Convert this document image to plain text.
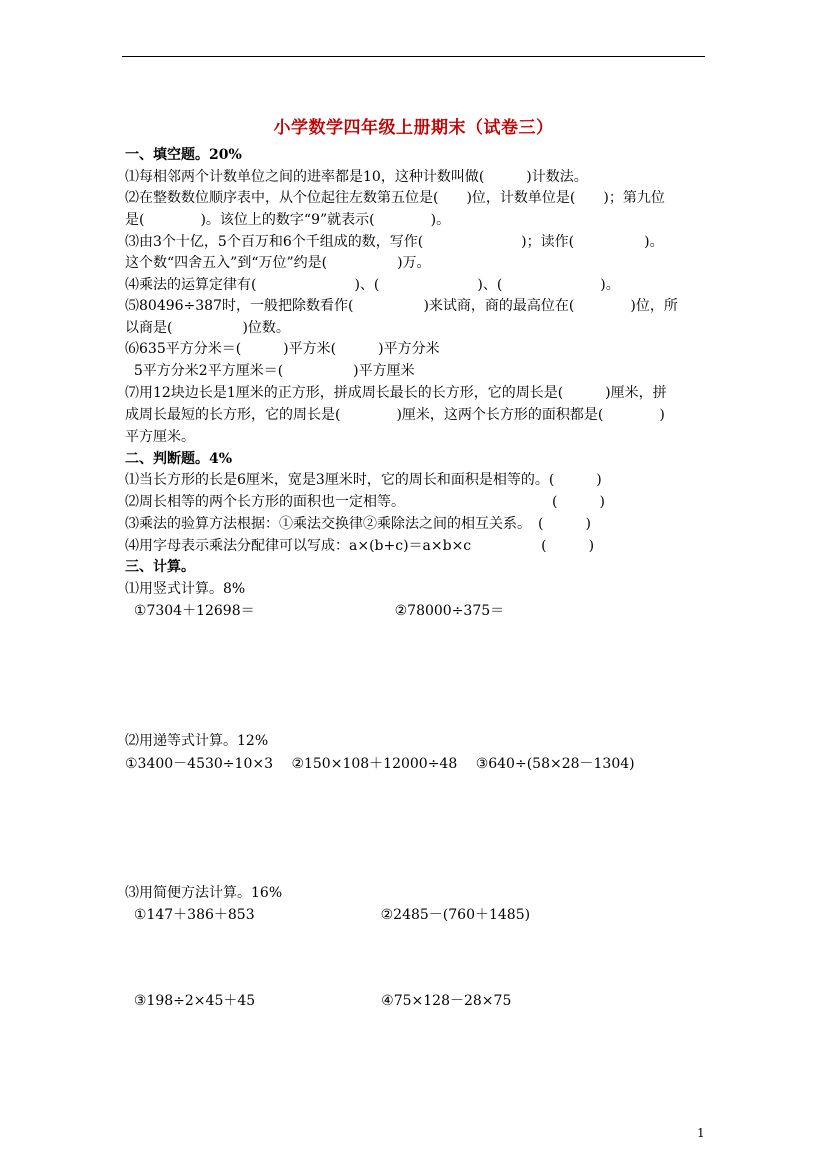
小学数学四年级上册期末（试卷三）
一、填空题。20%
⑴每相邻两个计数单位之间的进率都是10，这种计数叫做(　　　)计数法。
⑵在整数数位顺序表中，从个位起往左数第五位是(　　)位，计数单位是(　　)；第九位
是(　　　　)。该位上的数字“9”就表示(　　　　)。
⑶由3个十亿，5个百万和6个千组成的数，写作(　　　　　　　)；读作(　　　　　)。
这个数“四舍五入”到“万位”约是(　　　　　)万。
⑷乘法的运算定律有(　　　　　　　)、(　　　　　　　)、(　　　　　　　)。
⑸80496÷387时，一般把除数看作(　　　　　)来试商，商的最高位在(　　　　)位，所
以商是(　　　　　)位数。
⑹635平方分米＝(　　　)平方米(　　　)平方分米
5平方分米2平方厘米＝(　　　　　)平方厘米
⑺用12块边长是1厘米的正方形，拼成周长最长的长方形，它的周长是(　　　)厘米，拼
成周长最短的长方形，它的周长是(　　　　)厘米，这两个长方形的面积都是(　　　　)
平方厘米。
二、判断题。4%
⑴当长方形的长是6厘米，宽是3厘米时，它的周长和面积是相等的。(　　　)
⑵周长相等的两个长方形的面积也一定相等。　　　　　　　　　　　(　　　)
⑶乘法的验算方法根据：①乘法交换律②乘除法之间的相互关系。　(　　　)
⑷用字母表示乘法分配律可以写成：a×(b+c)＝a×b×c　　　　　(　　　)
三、计算。
⑴用竖式计算。8%
①7304＋12698＝　　　　　　　　　　②78000÷375＝
⑵用递等式计算。12%
①3400－4530÷10×3　 ②150×108＋12000÷48　 ③640÷(58×28－1304)
⑶用简便方法计算。16%
①147＋386＋853　　　　　　　　　②2485－(760＋1485)
③198÷2×45＋45　　　　　　　　　④75×128－28×75
1
